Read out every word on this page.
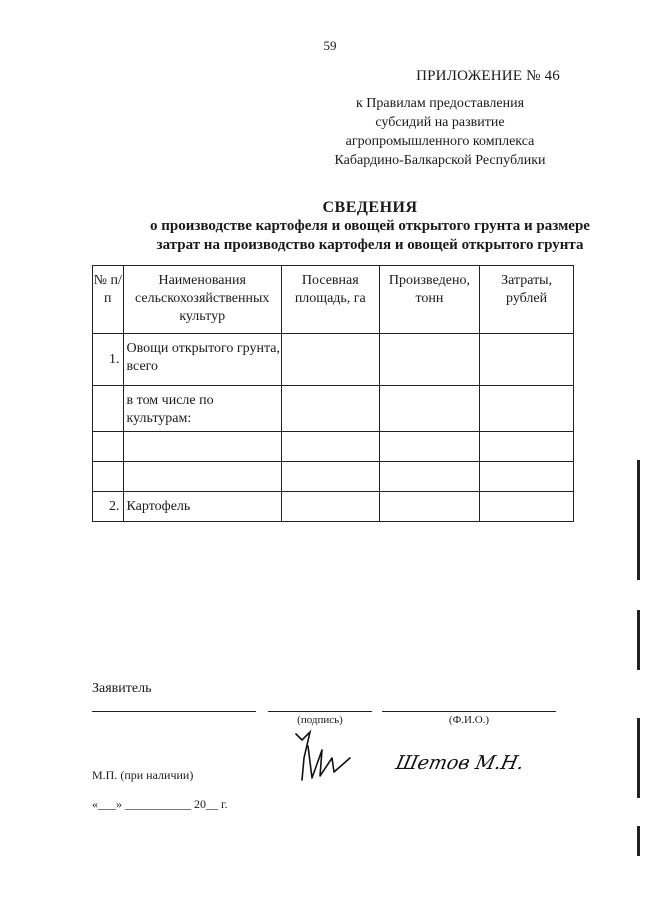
59
ПРИЛОЖЕНИЕ № 46
к Правилам предоставления
субсидий на развитие
агропромышленного комплекса
Кабардино-Балкарской Республики
СВЕДЕНИЯ
о производстве картофеля и овощей открытого грунта и размере
затрат на производство картофеля и овощей открытого грунта
№ п/п	Наименования сельскохозяйственных культур	Посевная площадь, га	Произведено, тонн	Затраты, рублей
1.	Овощи открытого грунта, всего			
	в том числе по культурам:			

2.	Картофель			
Заявитель
(подпись)	(Ф.И.О.)
М.П. (при наличии)
«___» ___________ 20__ г.
Шетов М.Н.
